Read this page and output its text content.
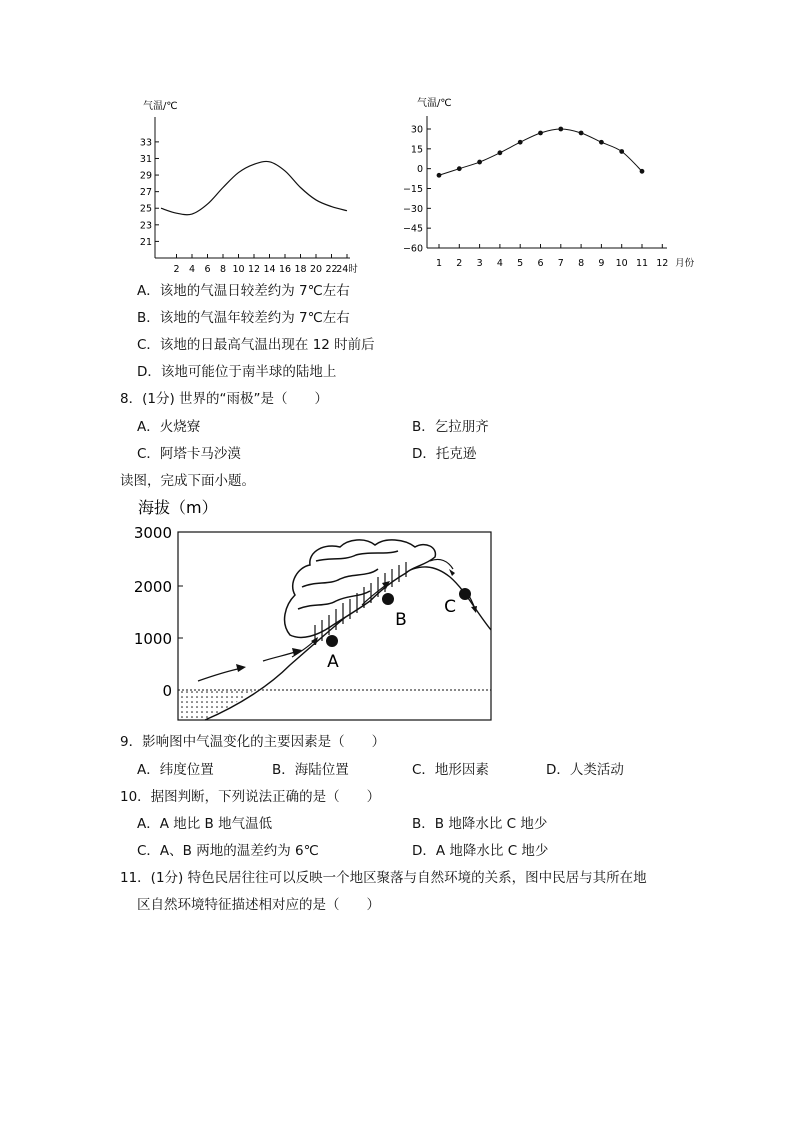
气温/℃
33
31
29
27
25
23
21
2 4 6 8 10 12 14 16 18 20 22
24时
气温/℃
30
15
0
−15
−30
−45
−60
1 2 3 4 5 6 7 8 9 10 11 12 月份
A．该地的气温日较差约为 7℃左右
B．该地的气温年较差约为 7℃左右
C．该地的日最高气温出现在 12 时前后
D．该地可能位于南半球的陆地上
8．(1分) 世界的“雨极”是（　　）
A．火烧寮	B．乞拉朋齐
C．阿塔卡马沙漠	D．托克逊
读图，完成下面小题。
海拔（m）
3000
2000
1000
0
A
B
C
9．影响图中气温变化的主要因素是（　　）
A．纬度位置	B．海陆位置	C．地形因素	D．人类活动
10．据图判断，下列说法正确的是（　　）
A．A 地比 B 地气温低	B．B 地降水比 C 地少
C．A、B 两地的温差约为 6℃	D．A 地降水比 C 地少
11．(1分) 特色民居往往可以反映一个地区聚落与自然环境的关系，图中民居与其所在地
区自然环境特征描述相对应的是（　　）
